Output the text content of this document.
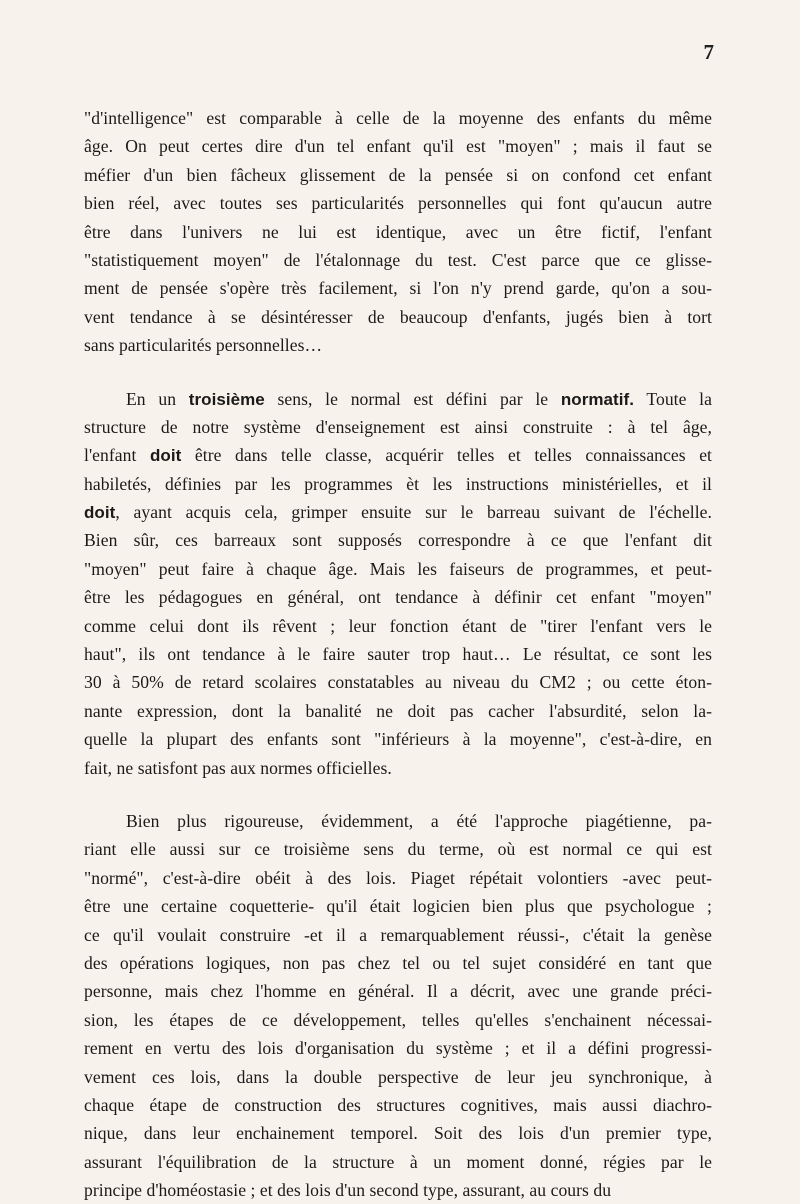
7
"d'intelligence" est comparable à celle de la moyenne des enfants du même
âge. On peut certes dire d'un tel enfant qu'il est "moyen" ; mais il faut se
méfier d'un bien fâcheux glissement de la pensée si on confond cet enfant
bien réel, avec toutes ses particularités personnelles qui font qu'aucun autre
être dans l'univers ne lui est identique, avec un être fictif, l'enfant
"statistiquement moyen" de l'étalonnage du test. C'est parce que ce glisse-
ment de pensée s'opère très facilement, si l'on n'y prend garde, qu'on a sou-
vent tendance à se désintéresser de beaucoup d'enfants, jugés bien à tort
sans particularités personnelles…
En un troisième sens, le normal est défini par le normatif. Toute la
structure de notre système d'enseignement est ainsi construite : à tel âge,
l'enfant doit être dans telle classe, acquérir telles et telles connaissances et
habiletés, définies par les programmes èt les instructions ministérielles, et il
doit, ayant acquis cela, grimper ensuite sur le barreau suivant de l'échelle.
Bien sûr, ces barreaux sont supposés correspondre à ce que l'enfant dit
"moyen" peut faire à chaque âge. Mais les faiseurs de programmes, et peut-
être les pédagogues en général, ont tendance à définir cet enfant "moyen"
comme celui dont ils rêvent ; leur fonction étant de "tirer l'enfant vers le
haut", ils ont tendance à le faire sauter trop haut… Le résultat, ce sont les
30 à 50% de retard scolaires constatables au niveau du CM2 ; ou cette éton-
nante expression, dont la banalité ne doit pas cacher l'absurdité, selon la-
quelle la plupart des enfants sont "inférieurs à la moyenne", c'est-à-dire, en
fait, ne satisfont pas aux normes officielles.
Bien plus rigoureuse, évidemment, a été l'approche piagétienne, pa-
riant elle aussi sur ce troisième sens du terme, où est normal ce qui est
"normé", c'est-à-dire obéit à des lois. Piaget répétait volontiers -avec peut-
être une certaine coquetterie- qu'il était logicien bien plus que psychologue ;
ce qu'il voulait construire -et il a remarquablement réussi-, c'était la genèse
des opérations logiques, non pas chez tel ou tel sujet considéré en tant que
personne, mais chez l'homme en général. Il a décrit, avec une grande préci-
sion, les étapes de ce développement, telles qu'elles s'enchainent nécessai-
rement en vertu des lois d'organisation du système ; et il a défini progressi-
vement ces lois, dans la double perspective de leur jeu synchronique, à
chaque étape de construction des structures cognitives, mais aussi diachro-
nique, dans leur enchainement temporel. Soit des lois d'un premier type,
assurant l'équilibration de la structure à un moment donné, régies par le
principe d'homéostasie ; et des lois d'un second type, assurant, au cours du
